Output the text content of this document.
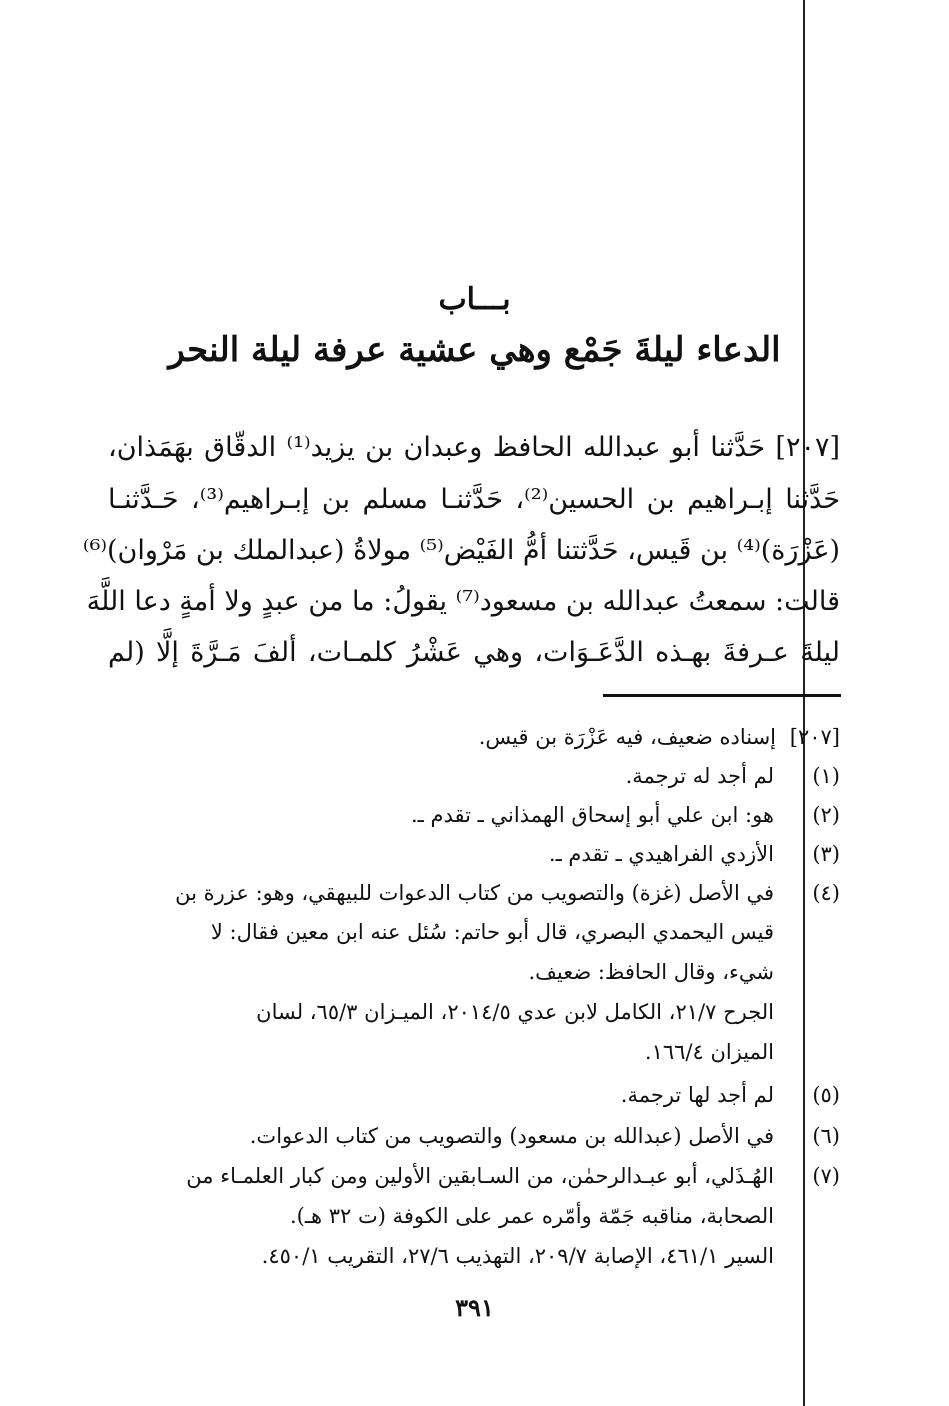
بـــاب
الدعاء ليلةَ جَمْع وهي عشية عرفة ليلة النحر
[٢٠٧] حَدَّثنا أبو عبدالله الحافظ وعبدان بن يزيد⁽¹⁾ الدقّاق بهَمَذان،
حَدَّثنا إبـراهيم بن الحسين⁽²⁾، حَدَّثنـا مسلم بن إبـراهيم⁽³⁾، حَـدَّثنـا
(عَزْرَة)⁽⁴⁾ بن قَيس، حَدَّثتنا أمُّ الفَيْض⁽⁵⁾ مولاةُ (عبدالملك بن مَرْوان)⁽⁶⁾
قالت: سمعتُ عبدالله بن مسعود⁽⁷⁾ يقولُ: ما من عبدٍ ولا أمةٍ دعا اللَّهَ
ليلةَ عـرفةَ بهـذه الدَّعَـوَات، وهي عَشْرُ كلمـات، ألفَ مَـرَّةَ إلَّا (لم
[٢٠٧]
إسناده ضعيف، فيه عَزْرَة بن قيس.
(١)
لم أجد له ترجمة.
(٢)
هو: ابن علي أبو إسحاق الهمذاني ـ تقدم ـ.
(٣)
الأزدي الفراهيدي ـ تقدم ـ.
(٤)
في الأصل (غزة) والتصويب من كتاب الدعوات للبيهقي، وهو: عزرة بن
قيس اليحمدي البصري، قال أبو حاتم: سُئل عنه ابن معين فقال: لا
شيء، وقال الحافظ: ضعيف.
الجرح ٢١/٧، الكامل لابن عدي ٢٠١٤/٥، الميـزان ٦٥/٣، لسان
الميزان ١٦٦/٤.
(٥)
لم أجد لها ترجمة.
(٦)
في الأصل (عبدالله بن مسعود) والتصويب من كتاب الدعوات.
(٧)
الهُـذَلي، أبو عبـدالرحمٰن، من السـابقين الأولين ومن كبار العلمـاء من
الصحابة، مناقبه جَمّة وأمّره عمر على الكوفة (ت ٣٢ هـ).
السير ٤٦١/١، الإصابة ٢٠٩/٧، التهذيب ٢٧/٦، التقريب ٤٥٠/١.
٣٩١
